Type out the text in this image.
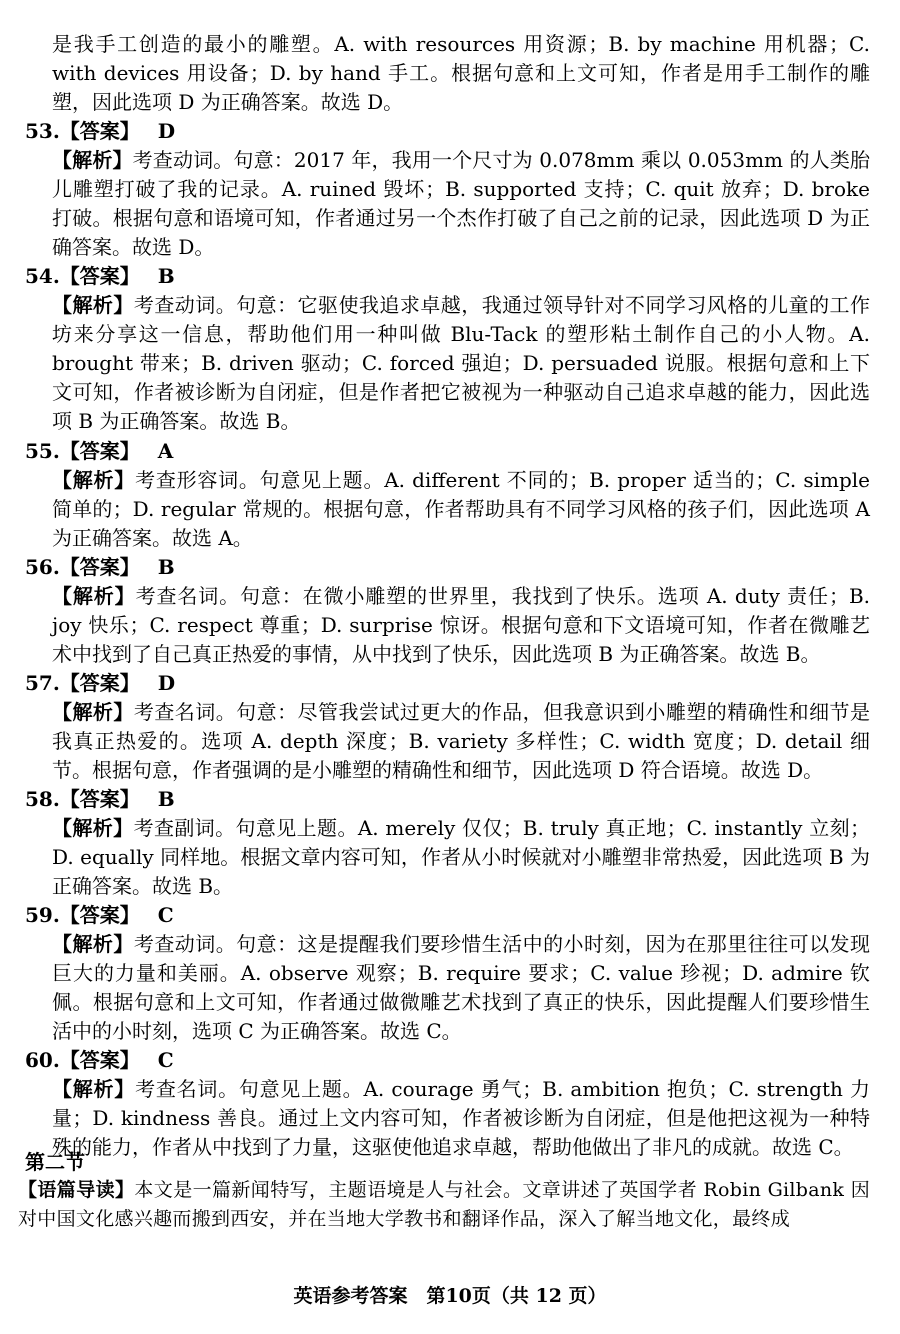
是我手工创造的最小的雕塑。A. with resources 用资源；B. by machine 用机器；C. with devices 用设备；D. by hand 手工。根据句意和上文可知，作者是用手工制作的雕塑，因此选项 D 为正确答案。故选 D。
53.【答案】 D
【解析】考查动词。句意：2017 年，我用一个尺寸为 0.078mm 乘以 0.053mm 的人类胎儿雕塑打破了我的记录。A. ruined 毁坏；B. supported 支持；C. quit 放弃；D. broke 打破。根据句意和语境可知，作者通过另一个杰作打破了自己之前的记录，因此选项 D 为正确答案。故选 D。
54.【答案】 B
【解析】考查动词。句意：它驱使我追求卓越，我通过领导针对不同学习风格的儿童的工作坊来分享这一信息，帮助他们用一种叫做 Blu-Tack 的塑形粘土制作自己的小人物。A. brought 带来；B. driven 驱动；C. forced 强迫；D. persuaded 说服。根据句意和上下文可知，作者被诊断为自闭症，但是作者把它被视为一种驱动自己追求卓越的能力，因此选项 B 为正确答案。故选 B。
55.【答案】 A
【解析】考查形容词。句意见上题。A. different 不同的；B. proper 适当的；C. simple 简单的；D. regular 常规的。根据句意，作者帮助具有不同学习风格的孩子们，因此选项 A 为正确答案。故选 A。
56.【答案】 B
【解析】考查名词。句意：在微小雕塑的世界里，我找到了快乐。选项 A. duty 责任；B. joy 快乐；C. respect 尊重；D. surprise 惊讶。根据句意和下文语境可知，作者在微雕艺术中找到了自己真正热爱的事情，从中找到了快乐，因此选项 B 为正确答案。故选 B。
57.【答案】 D
【解析】考查名词。句意：尽管我尝试过更大的作品，但我意识到小雕塑的精确性和细节是我真正热爱的。选项 A. depth 深度；B. variety 多样性；C. width 宽度；D. detail 细节。根据句意，作者强调的是小雕塑的精确性和细节，因此选项 D 符合语境。故选 D。
58.【答案】 B
【解析】考查副词。句意见上题。A. merely 仅仅；B. truly 真正地；C. instantly 立刻；D. equally 同样地。根据文章内容可知，作者从小时候就对小雕塑非常热爱，因此选项 B 为正确答案。故选 B。
59.【答案】 C
【解析】考查动词。句意：这是提醒我们要珍惜生活中的小时刻，因为在那里往往可以发现巨大的力量和美丽。A. observe 观察；B. require 要求；C. value 珍视；D. admire 钦佩。根据句意和上文可知，作者通过做微雕艺术找到了真正的快乐，因此提醒人们要珍惜生活中的小时刻，选项 C 为正确答案。故选 C。
60.【答案】 C
【解析】考查名词。句意见上题。A. courage 勇气；B. ambition 抱负；C. strength 力量；D. kindness 善良。通过上文内容可知，作者被诊断为自闭症，但是他把这视为一种特殊的能力，作者从中找到了力量，这驱使他追求卓越，帮助他做出了非凡的成就。故选 C。
第二节
【语篇导读】本文是一篇新闻特写，主题语境是人与社会。文章讲述了英国学者 Robin Gilbank 因对中国文化感兴趣而搬到西安，并在当地大学教书和翻译作品，深入了解当地文化，最终成
英语参考答案　第10页（共 12 页）
